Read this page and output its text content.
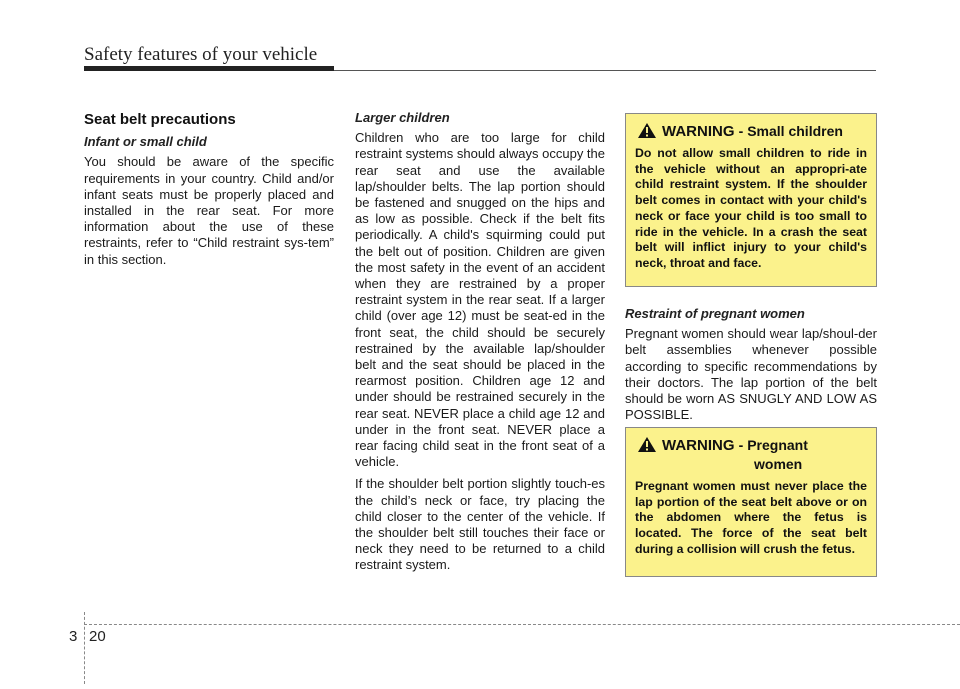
Safety features of your vehicle
Seat belt precautions
Infant or small child

You should be aware of the specific requirements in your country. Child and/or infant seats must be properly placed and installed in the rear seat. For more information about the use of these restraints, refer to “Child restraint sys-tem” in this section.

Larger children

Children who are too large for child restraint systems should always occupy the rear seat and use the available lap/shoulder belts. The lap portion should be fastened and snugged on the hips and as low as possible. Check if the belt fits periodically. A child's squirming could put the belt out of position. Children are given the most safety in the event of an accident when they are restrained by a proper restraint system in the rear seat. If a larger child (over age 12) must be seat-ed in the front seat, the child should be securely restrained by the available lap/shoulder belt and the seat should be placed in the rearmost position. Children age 12 and under should be restrained securely in the rear seat. NEVER place a child age 12 and under in the front seat. NEVER place a rear facing child seat in the front seat of a vehicle.

If the shoulder belt portion slightly touch-es the child’s neck or face, try placing the child closer to the center of the vehicle. If the shoulder belt still touches their face or neck they need to be returned to a child restraint system.

WARNING - Small children
Do not allow small children to ride in the vehicle without an appropri-ate child restraint system. If the shoulder belt comes in contact with your child's neck or face your child is too small to ride in the vehicle. In a crash the seat belt will inflict injury to your child's neck, throat and face.
Restraint of pregnant women

Pregnant women should wear lap/shoul-der belt assemblies whenever possible according to specific recommendations by their doctors. The lap portion of the belt should be worn AS SNUGLY AND LOW AS POSSIBLE.

WARNING - Pregnant
women
Pregnant women must never place the lap portion of the seat belt above or on the abdomen where the fetus is located. The force of the seat belt during a collision will crush the fetus.
3 20
